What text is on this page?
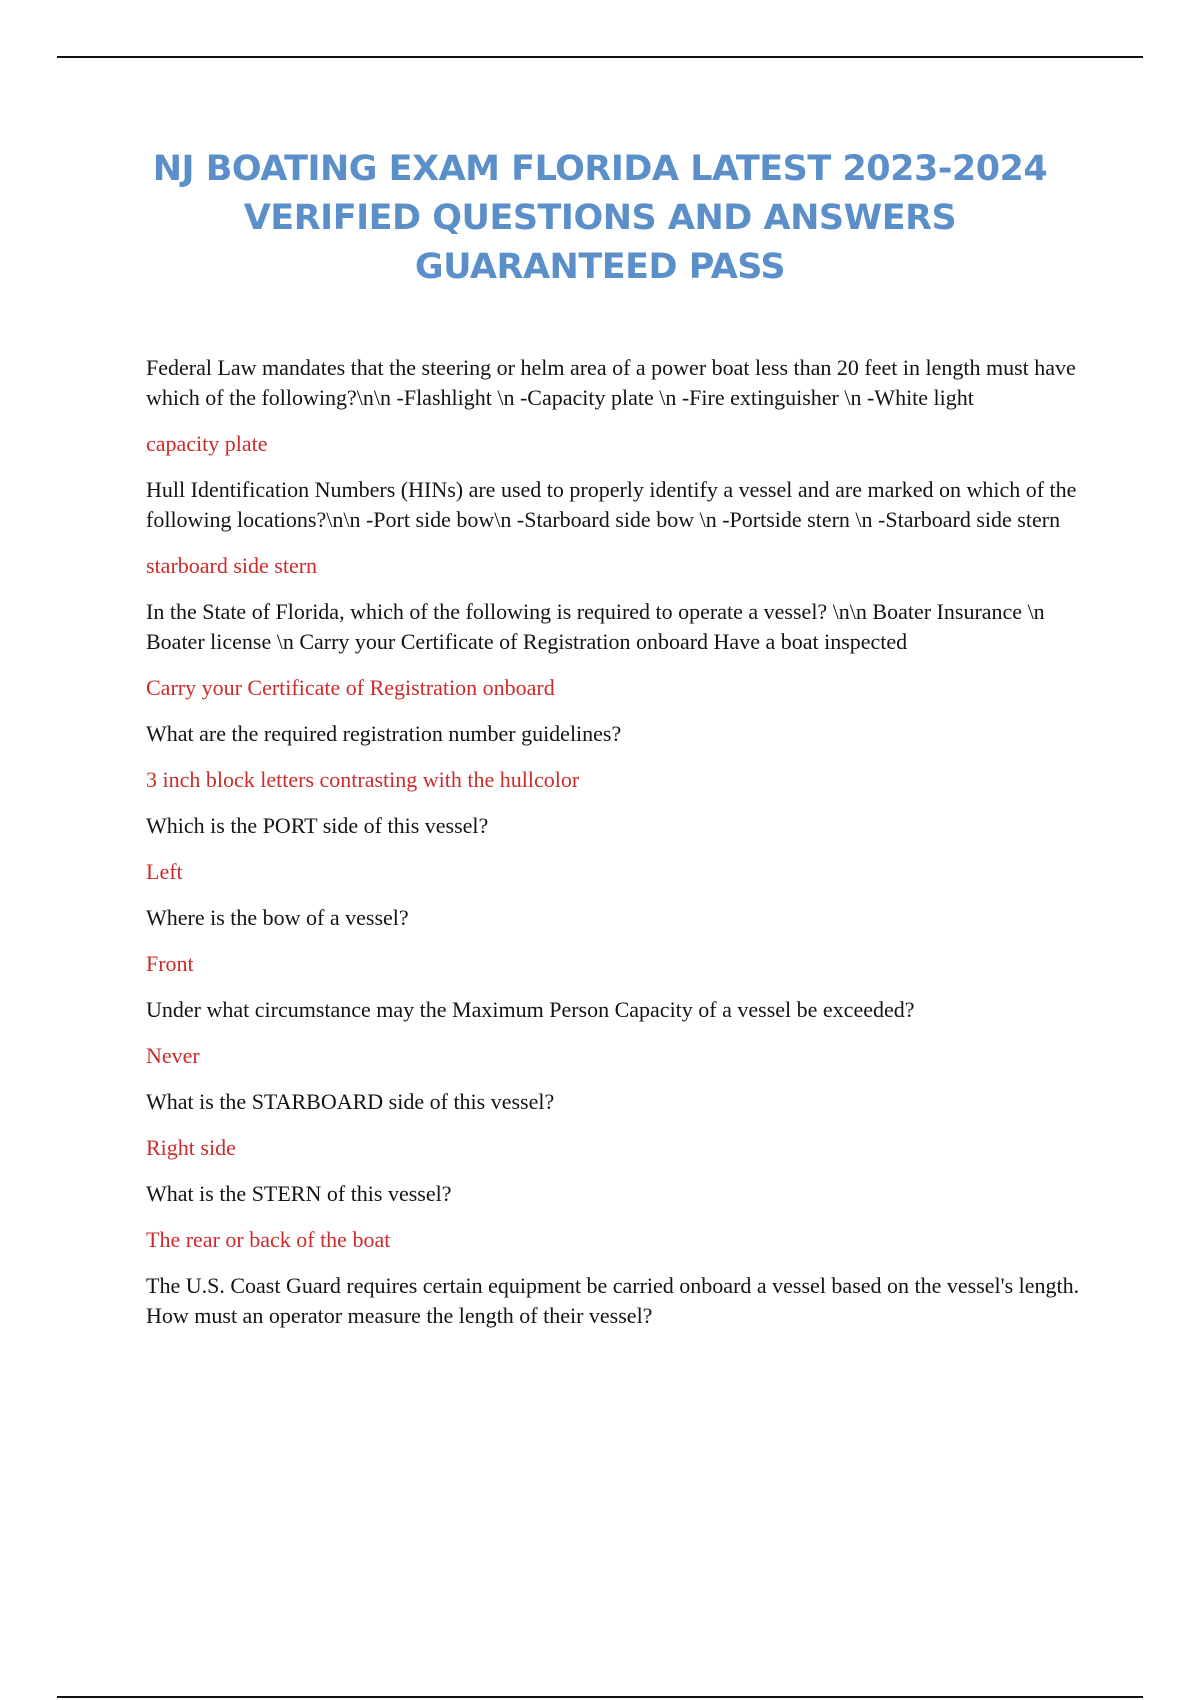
NJ BOATING EXAM FLORIDA LATEST 2023-2024
VERIFIED QUESTIONS AND ANSWERS
GUARANTEED PASS

Federal Law mandates that the steering or helm area of a power boat less than 20 feet in length must have which of the following?\n\n -Flashlight \n -Capacity plate \n -Fire extinguisher \n -White light

capacity plate

Hull Identification Numbers (HINs) are used to properly identify a vessel and are marked on which of the following locations?\n\n -Port side bow\n -Starboard side bow \n -Portside stern \n -Starboard side stern

starboard side stern

In the State of Florida, which of the following is required to operate a vessel? \n\n Boater Insurance \n Boater license \n Carry your Certificate of Registration onboard Have a boat inspected

Carry your Certificate of Registration onboard

What are the required registration number guidelines?

3 inch block letters contrasting with the hullcolor

Which is the PORT side of this vessel?

Left

Where is the bow of a vessel?

Front

Under what circumstance may the Maximum Person Capacity of a vessel be exceeded?

Never

What is the STARBOARD side of this vessel?

Right side

What is the STERN of this vessel?

The rear or back of the boat

The U.S. Coast Guard requires certain equipment be carried onboard a vessel based on the vessel's length. How must an operator measure the length of their vessel?
